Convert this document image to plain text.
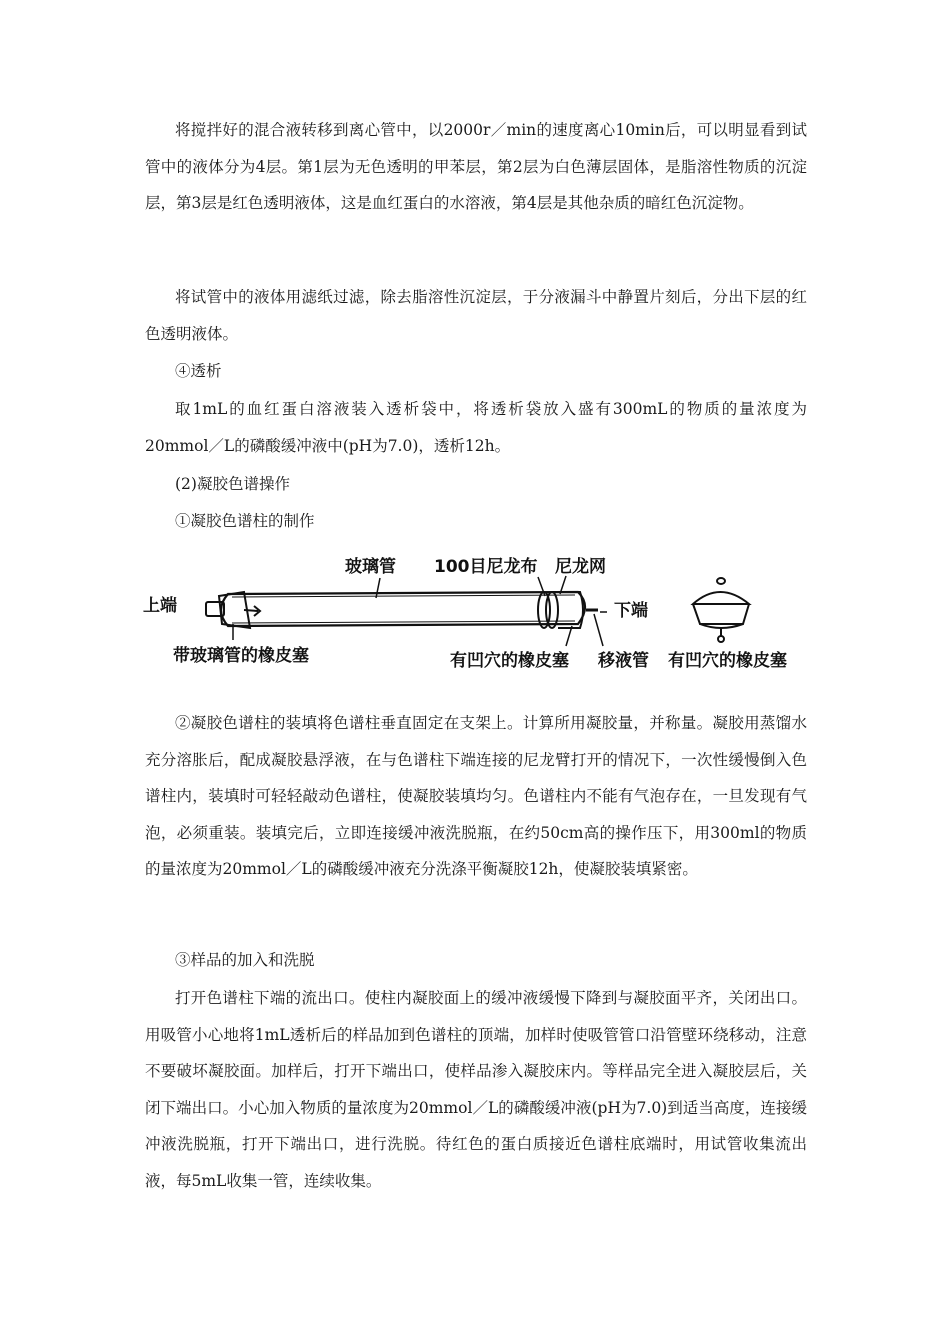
将搅拌好的混合液转移到离心管中，以2000r／min的速度离心10min后，可以明显看到试管中的液体分为4层。第1层为无色透明的甲苯层，第2层为白色薄层固体，是脂溶性物质的沉淀层，第3层是红色透明液体，这是血红蛋白的水溶液，第4层是其他杂质的暗红色沉淀物。

将试管中的液体用滤纸过滤，除去脂溶性沉淀层，于分液漏斗中静置片刻后，分出下层的红色透明液体。

④透析

取1mL的血红蛋白溶液装入透析袋中，将透析袋放入盛有300mL的物质的量浓度为20mmol／L的磷酸缓冲液中(pH为7.0)，透析12h。

(2)凝胶色谱操作

①凝胶色谱柱的制作

玻璃管 100目尼龙布 尼龙网
上端	下端
带玻璃管的橡皮塞	有凹穴的橡皮塞 移液管 有凹穴的橡皮塞

②凝胶色谱柱的装填将色谱柱垂直固定在支架上。计算所用凝胶量，并称量。凝胶用蒸馏水充分溶胀后，配成凝胶悬浮液，在与色谱柱下端连接的尼龙臂打开的情况下，一次性缓慢倒入色谱柱内，装填时可轻轻敲动色谱柱，使凝胶装填均匀。色谱柱内不能有气泡存在，一旦发现有气泡，必须重装。装填完后，立即连接缓冲液洗脱瓶，在约50cm高的操作压下，用300ml的物质的量浓度为20mmol／L的磷酸缓冲液充分洗涤平衡凝胶12h，使凝胶装填紧密。

③样品的加入和洗脱

打开色谱柱下端的流出口。使柱内凝胶面上的缓冲液缓慢下降到与凝胶面平齐，关闭出口。用吸管小心地将1mL透析后的样品加到色谱柱的顶端，加样时使吸管管口沿管壁环绕移动，注意不要破坏凝胶面。加样后，打开下端出口，使样品渗入凝胶床内。等样品完全进入凝胶层后，关闭下端出口。小心加入物质的量浓度为20mmol／L的磷酸缓冲液(pH为7.0)到适当高度，连接缓冲液洗脱瓶，打开下端出口，进行洗脱。待红色的蛋白质接近色谱柱底端时，用试管收集流出液，每5mL收集一管，连续收集。
